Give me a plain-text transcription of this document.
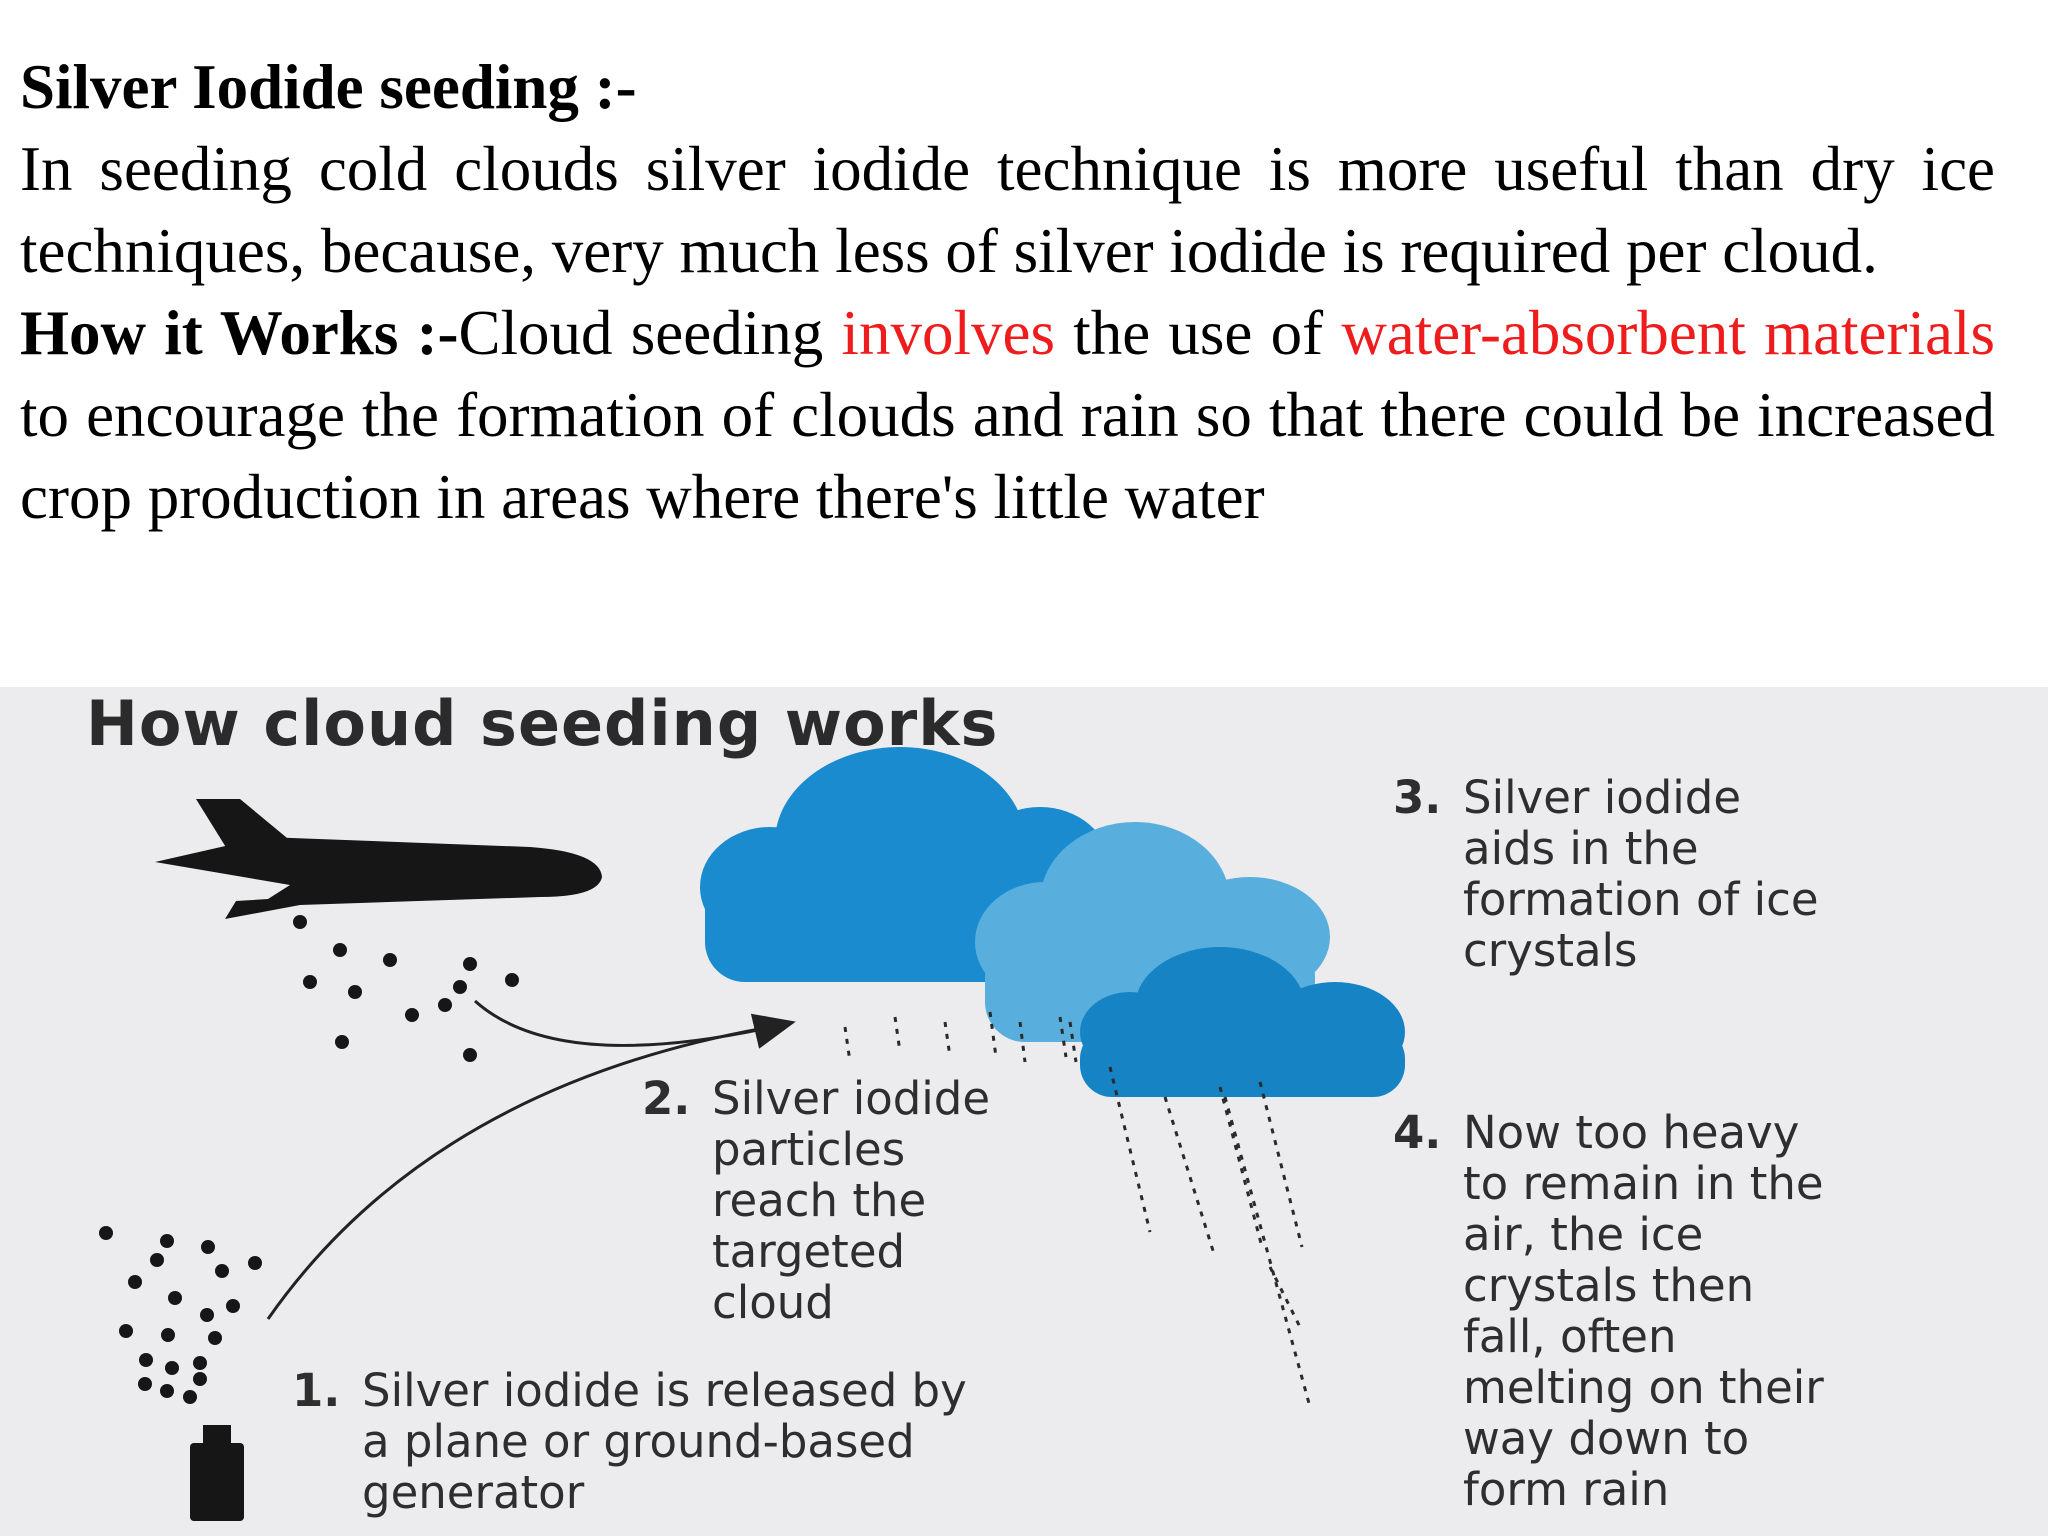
Silver Iodide seeding :-
In seeding cold clouds silver iodide technique is more useful than dry ice techniques, because, very much less of silver iodide is required per cloud.

How it Works :-Cloud seeding involves the use of water-absorbent materials to encourage the formation of clouds and rain so that there could be increased crop production in areas where there's little water

How cloud seeding works
1. Silver iodide is released by
a plane or ground-based
generator
2. Silver iodide
particles
reach the
targeted
cloud
3. Silver iodide
aids in the
formation of ice
crystals
4. Now too heavy
to remain in the
air, the ice
crystals then
fall, often
melting on their
way down to
form rain
